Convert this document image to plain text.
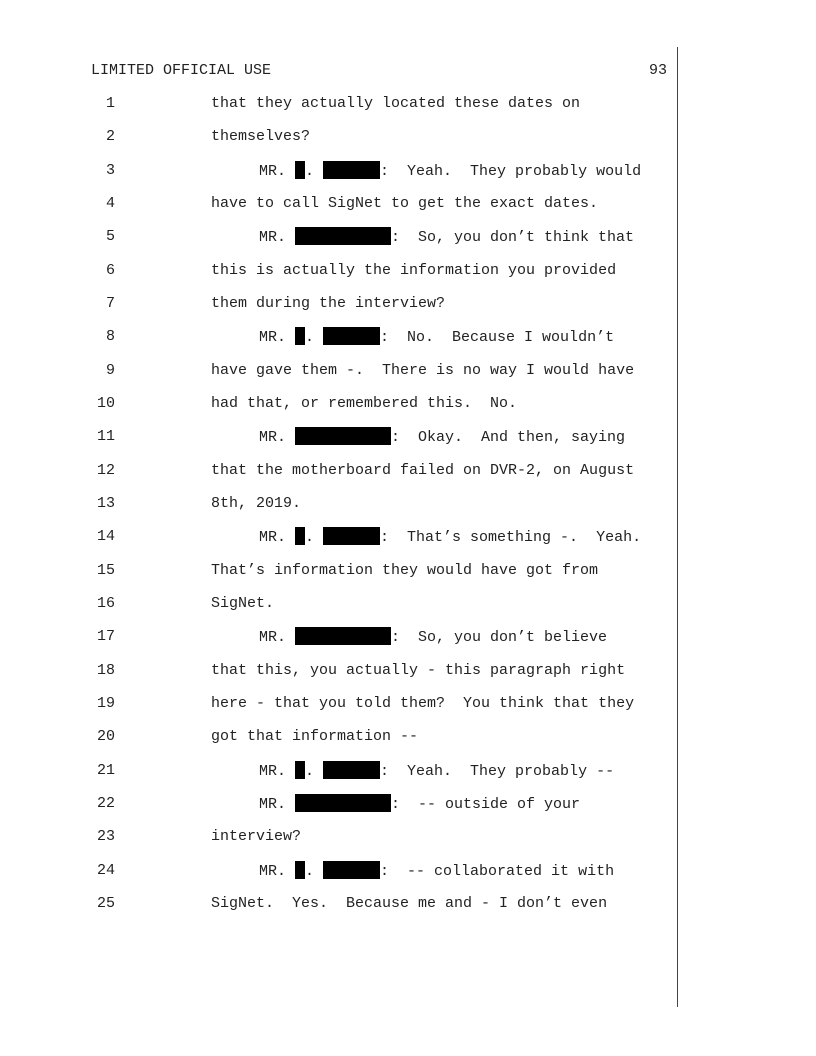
LIMITED OFFICIAL USE	93
1	that they actually located these dates on
2	themselves?
3	MR. .	:  Yeah.  They probably would
4	have to call SigNet to get the exact dates.
5	MR.	:  So, you don’t think that
6	this is actually the information you provided
7	them during the interview?
8	MR. .	:  No.  Because I wouldn’t
9	have gave them -.  There is no way I would have
10	had that, or remembered this.  No.
11	MR.	:  Okay.  And then, saying
12	that the motherboard failed on DVR-2, on August
13	8th, 2019.
14	MR. .	:  That’s something -.  Yeah.
15	That’s information they would have got from
16	SigNet.
17	MR.	:  So, you don’t believe
18	that this, you actually - this paragraph right
19	here - that you told them?  You think that they
20	got that information --
21	MR. .	:  Yeah.  They probably --
22	MR.	:  -- outside of your
23	interview?
24	MR. .	:  -- collaborated it with
25	SigNet.  Yes.  Because me and - I don’t even
